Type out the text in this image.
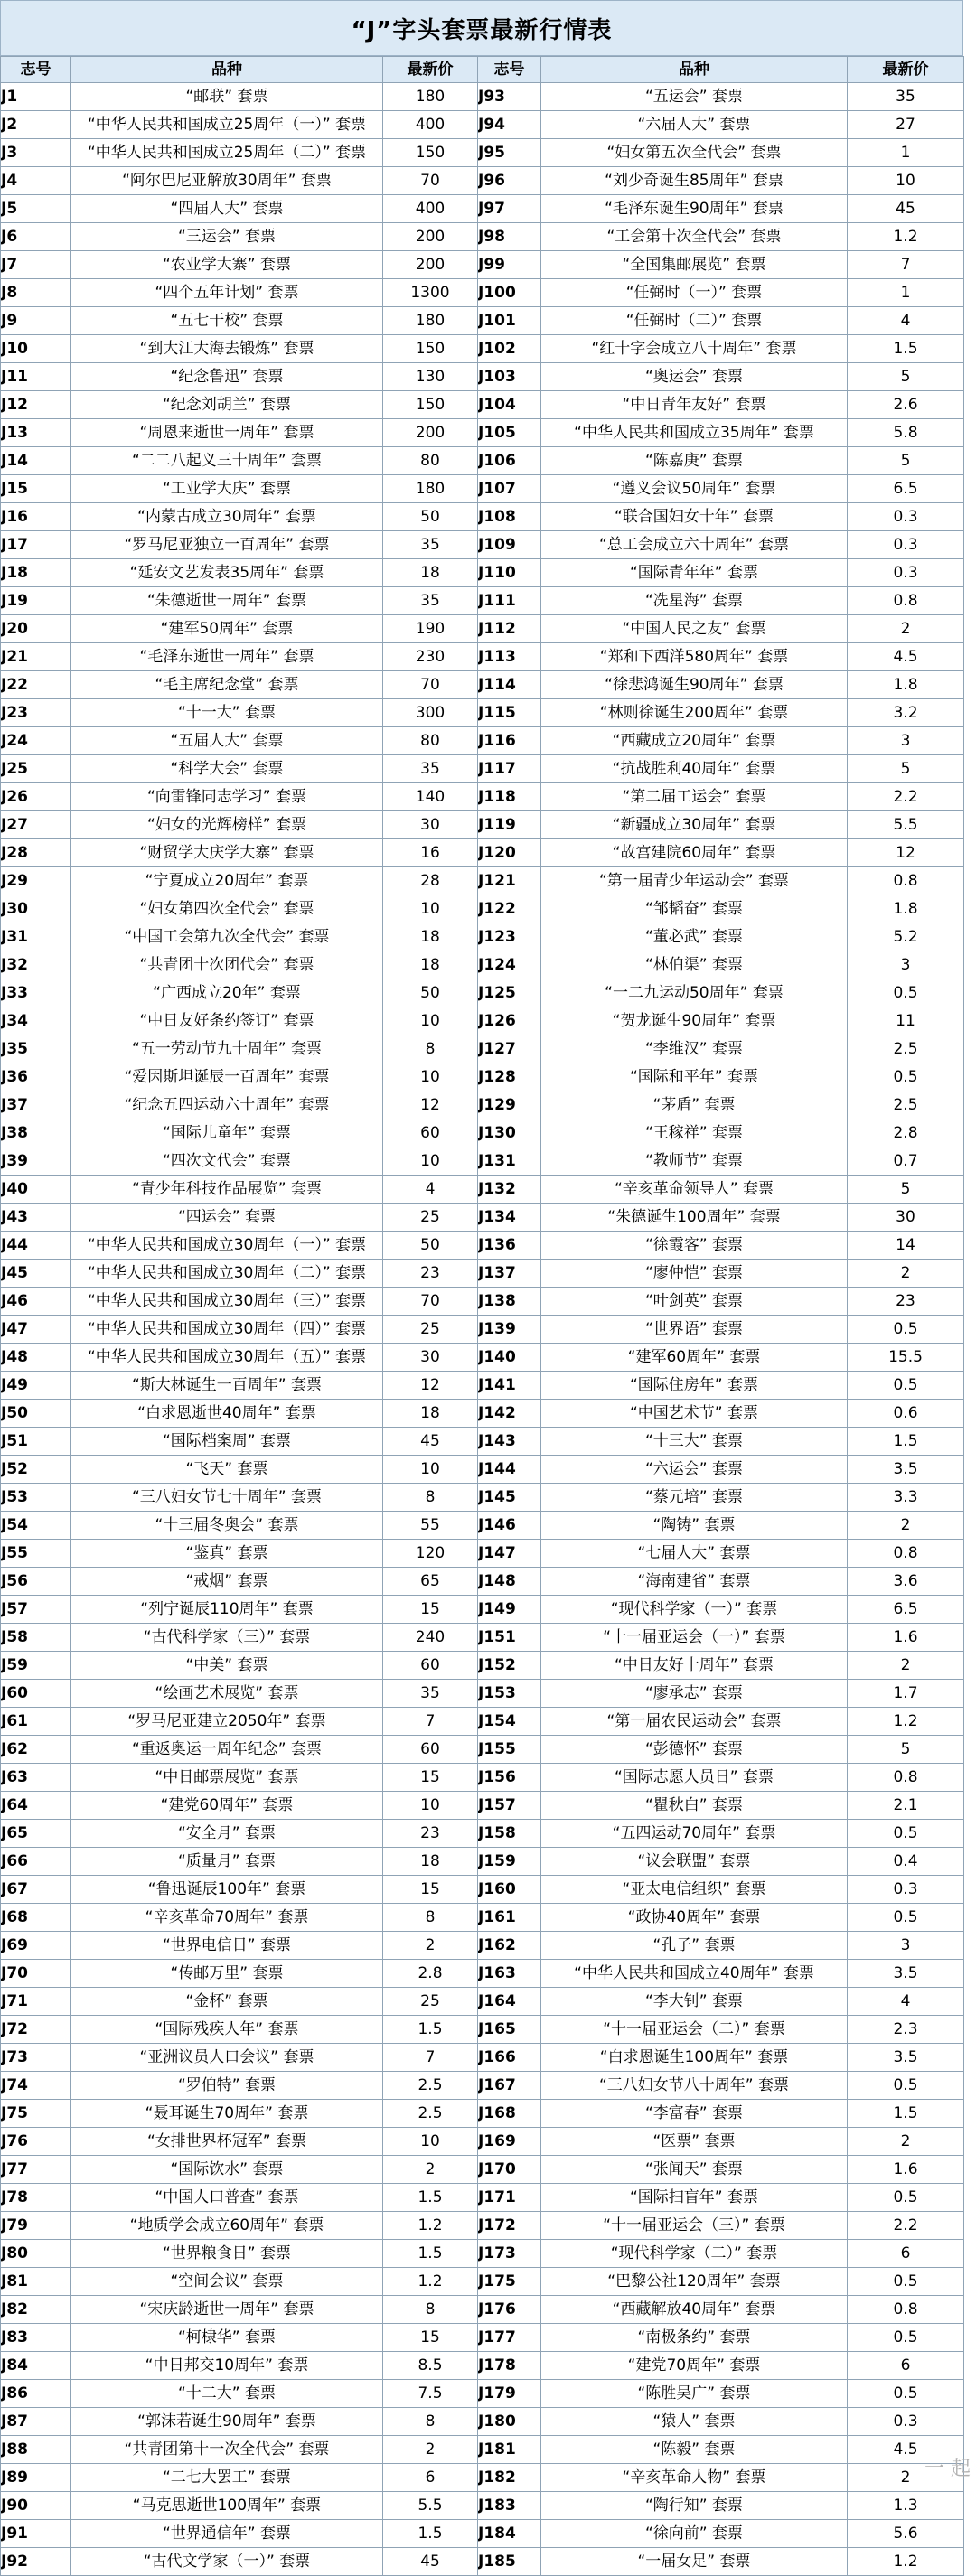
“J”字头套票最新行情表
志号	品种	最新价	志号	品种	最新价
J1	“邮联” 套票	180	J93	“五运会” 套票	35
J2	“中华人民共和国成立25周年（一）” 套票	400	J94	“六届人大” 套票	27
J3	“中华人民共和国成立25周年（二）” 套票	150	J95	“妇女第五次全代会” 套票	1
J4	“阿尔巴尼亚解放30周年” 套票	70	J96	“刘少奇诞生85周年” 套票	10
J5	“四届人大” 套票	400	J97	“毛泽东诞生90周年” 套票	45
J6	“三运会” 套票	200	J98	“工会第十次全代会” 套票	1.2
J7	“农业学大寨” 套票	200	J99	“全国集邮展览” 套票	7
J8	“四个五年计划” 套票	1300	J100	“任弼时（一）” 套票	1
J9	“五七干校” 套票	180	J101	“任弼时（二）” 套票	4
J10	“到大江大海去锻炼” 套票	150	J102	“红十字会成立八十周年” 套票	1.5
J11	“纪念鲁迅” 套票	130	J103	“奥运会” 套票	5
J12	“纪念刘胡兰” 套票	150	J104	“中日青年友好” 套票	2.6
J13	“周恩来逝世一周年” 套票	200	J105	“中华人民共和国成立35周年” 套票	5.8
J14	“二二八起义三十周年” 套票	80	J106	“陈嘉庚” 套票	5
J15	“工业学大庆” 套票	180	J107	“遵义会议50周年” 套票	6.5
J16	“内蒙古成立30周年” 套票	50	J108	“联合国妇女十年” 套票	0.3
J17	“罗马尼亚独立一百周年” 套票	35	J109	“总工会成立六十周年” 套票	0.3
J18	“延安文艺发表35周年” 套票	18	J110	“国际青年年” 套票	0.3
J19	“朱德逝世一周年” 套票	35	J111	“冼星海” 套票	0.8
J20	“建军50周年” 套票	190	J112	“中国人民之友” 套票	2
J21	“毛泽东逝世一周年” 套票	230	J113	“郑和下西洋580周年” 套票	4.5
J22	“毛主席纪念堂” 套票	70	J114	“徐悲鸿诞生90周年” 套票	1.8
J23	“十一大” 套票	300	J115	“林则徐诞生200周年” 套票	3.2
J24	“五届人大” 套票	80	J116	“西藏成立20周年” 套票	3
J25	“科学大会” 套票	35	J117	“抗战胜利40周年” 套票	5
J26	“向雷锋同志学习” 套票	140	J118	“第二届工运会” 套票	2.2
J27	“妇女的光辉榜样” 套票	30	J119	“新疆成立30周年” 套票	5.5
J28	“财贸学大庆学大寨” 套票	16	J120	“故宫建院60周年” 套票	12
J29	“宁夏成立20周年” 套票	28	J121	“第一届青少年运动会” 套票	0.8
J30	“妇女第四次全代会” 套票	10	J122	“邹韬奋” 套票	1.8
J31	“中国工会第九次全代会” 套票	18	J123	“董必武” 套票	5.2
J32	“共青团十次团代会” 套票	18	J124	“林伯渠” 套票	3
J33	“广西成立20年” 套票	50	J125	“一二九运动50周年” 套票	0.5
J34	“中日友好条约签订” 套票	10	J126	“贺龙诞生90周年” 套票	11
J35	“五一劳动节九十周年” 套票	8	J127	“李维汉” 套票	2.5
J36	“爱因斯坦诞辰一百周年” 套票	10	J128	“国际和平年” 套票	0.5
J37	“纪念五四运动六十周年” 套票	12	J129	“茅盾” 套票	2.5
J38	“国际儿童年” 套票	60	J130	“王稼祥” 套票	2.8
J39	“四次文代会” 套票	10	J131	“教师节” 套票	0.7
J40	“青少年科技作品展览” 套票	4	J132	“辛亥革命领导人” 套票	5
J43	“四运会” 套票	25	J134	“朱德诞生100周年” 套票	30
J44	“中华人民共和国成立30周年（一）” 套票	50	J136	“徐霞客” 套票	14
J45	“中华人民共和国成立30周年（二）” 套票	23	J137	“廖仲恺” 套票	2
J46	“中华人民共和国成立30周年（三）” 套票	70	J138	“叶剑英” 套票	23
J47	“中华人民共和国成立30周年（四）” 套票	25	J139	“世界语” 套票	0.5
J48	“中华人民共和国成立30周年（五）” 套票	30	J140	“建军60周年” 套票	15.5
J49	“斯大林诞生一百周年” 套票	12	J141	“国际住房年” 套票	0.5
J50	“白求恩逝世40周年” 套票	18	J142	“中国艺术节” 套票	0.6
J51	“国际档案周” 套票	45	J143	“十三大” 套票	1.5
J52	“飞天” 套票	10	J144	“六运会” 套票	3.5
J53	“三八妇女节七十周年” 套票	8	J145	“蔡元培” 套票	3.3
J54	“十三届冬奥会” 套票	55	J146	“陶铸” 套票	2
J55	“鉴真” 套票	120	J147	“七届人大” 套票	0.8
J56	“戒烟” 套票	65	J148	“海南建省” 套票	3.6
J57	“列宁诞辰110周年” 套票	15	J149	“现代科学家（一）” 套票	6.5
J58	“古代科学家（三）” 套票	240	J151	“十一届亚运会（一）” 套票	1.6
J59	“中美” 套票	60	J152	“中日友好十周年” 套票	2
J60	“绘画艺术展览” 套票	35	J153	“廖承志” 套票	1.7
J61	“罗马尼亚建立2050年” 套票	7	J154	“第一届农民运动会” 套票	1.2
J62	“重返奥运一周年纪念” 套票	60	J155	“彭德怀” 套票	5
J63	“中日邮票展览” 套票	15	J156	“国际志愿人员日” 套票	0.8
J64	“建党60周年” 套票	10	J157	“瞿秋白” 套票	2.1
J65	“安全月” 套票	23	J158	“五四运动70周年” 套票	0.5
J66	“质量月” 套票	18	J159	“议会联盟” 套票	0.4
J67	“鲁迅诞辰100年” 套票	15	J160	“亚太电信组织” 套票	0.3
J68	“辛亥革命70周年” 套票	8	J161	“政协40周年” 套票	0.5
J69	“世界电信日” 套票	2	J162	“孔子” 套票	3
J70	“传邮万里” 套票	2.8	J163	“中华人民共和国成立40周年” 套票	3.5
J71	“金杯” 套票	25	J164	“李大钊” 套票	4
J72	“国际残疾人年” 套票	1.5	J165	“十一届亚运会（二）” 套票	2.3
J73	“亚洲议员人口会议” 套票	7	J166	“白求恩诞生100周年” 套票	3.5
J74	“罗伯特” 套票	2.5	J167	“三八妇女节八十周年” 套票	0.5
J75	“聂耳诞生70周年” 套票	2.5	J168	“李富春” 套票	1.5
J76	“女排世界杯冠军” 套票	10	J169	“医票” 套票	2
J77	“国际饮水” 套票	2	J170	“张闻天” 套票	1.6
J78	“中国人口普查” 套票	1.5	J171	“国际扫盲年” 套票	0.5
J79	“地质学会成立60周年” 套票	1.2	J172	“十一届亚运会（三）” 套票	2.2
J80	“世界粮食日” 套票	1.5	J173	“现代科学家（二）” 套票	6
J81	“空间会议” 套票	1.2	J175	“巴黎公社120周年” 套票	0.5
J82	“宋庆龄逝世一周年” 套票	8	J176	“西藏解放40周年” 套票	0.8
J83	“柯棣华” 套票	15	J177	“南极条约” 套票	0.5
J84	“中日邦交10周年” 套票	8.5	J178	“建党70周年” 套票	6
J86	“十二大” 套票	7.5	J179	“陈胜吴广” 套票	0.5
J87	“郭沫若诞生90周年” 套票	8	J180	“猿人” 套票	0.3
J88	“共青团第十一次全代会” 套票	2	J181	“陈毅” 套票	4.5
J89	“二七大罢工” 套票	6	J182	“辛亥革命人物” 套票	2
J90	“马克思逝世100周年” 套票	5.5	J183	“陶行知” 套票	1.3
J91	“世界通信年” 套票	1.5	J184	“徐向前” 套票	5.6
J92	“古代文学家（一）” 套票	45	J185	“一届女足” 套票	1.2
一 起
